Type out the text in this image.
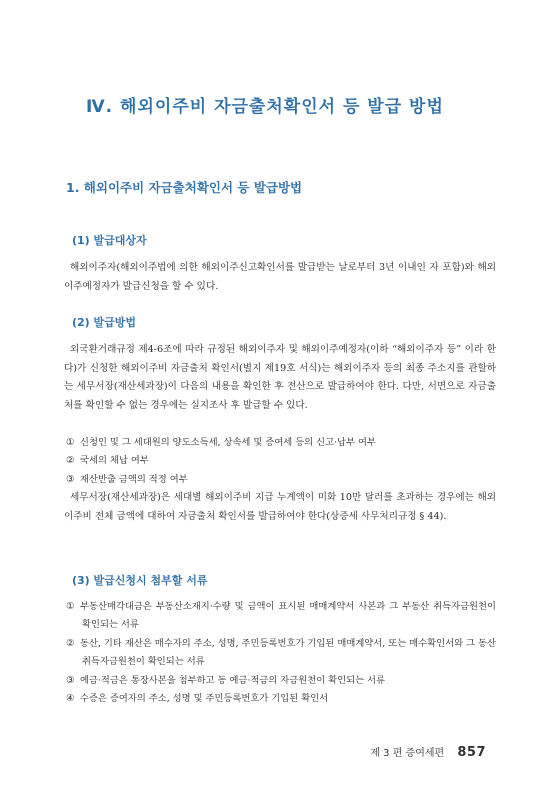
Ⅳ. 해외이주비 자금출처확인서 등 발급 방법
1. 해외이주비 자금출처확인서 등 발급방법
(1) 발급대상자

해외이주자(해외이주법에 의한 해외이주신고확인서를 발급받는 날로부터 3년 이내인 자 포함)와 해외이주예정자가 발급신청을 할 수 있다.

(2) 발급방법

외국환거래규정 제4-6조에 따라 규정된 해외이주자 및 해외이주예정자(이하 “해외이주자 등” 이라 한다)가 신청한 해외이주비 자금출처 확인서(별지 제19호 서식)는 해외이주자 등의 최종 주소지를 관할하는 세무서장(재산세과장)이 다음의 내용을 확인한 후 전산으로 발급하여야 한다. 다만, 서면으로 자금출처를 확인할 수 없는 경우에는 실지조사 후 발급할 수 있다.

① 신청인 및 그 세대원의 양도소득세, 상속세 및 증여세 등의 신고·납부 여부
② 국세의 체납 여부
③ 재산반출 금액의 적정 여부

세무서장(재산세과장)은 세대별 해외이주비 지급 누계액이 미화 10만 달러를 초과하는 경우에는 해외이주비 전체 금액에 대하여 자금출처 확인서를 발급하여야 한다(상증세 사무처리규정 § 44).

(3) 발급신청시 첨부할 서류
① 부동산매각대금은 부동산소재지·수량 및 금액이 표시된 매매계약서 사본과 그 부동산 취득자금원천이 확인되는 서류
② 동산, 기타 재산은 매수자의 주소, 성명, 주민등록번호가 기입된 매매계약서, 또는 매수확인서와 그 동산 취득자금원천이 확인되는 서류
③ 예금·적금은 통장사본을 첨부하고 동 예금·적금의 자금원천이 확인되는 서류
④ 수증은 증여자의 주소, 성명 및 주민등록번호가 기입된 확인서
제 3 편 증여세편 857
